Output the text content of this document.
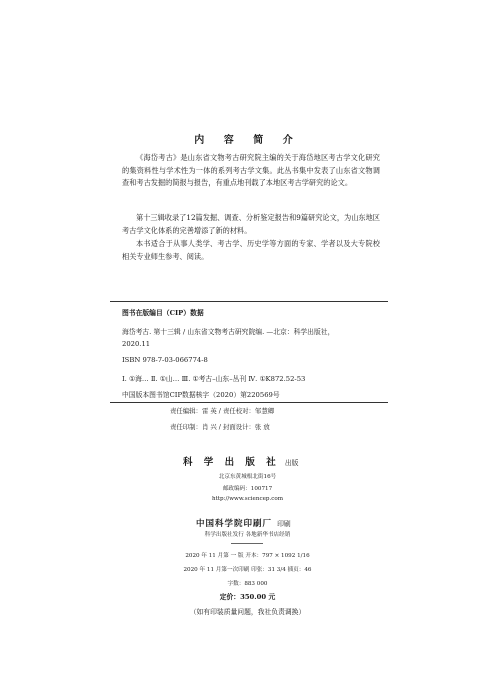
内 容 简 介
《海岱考古》是山东省文物考古研究院主编的关于海岱地区考古学文化研究的集资料性与学术性为一体的系列考古学文集。此丛书集中发表了山东省文物调查和考古发掘的简报与报告，有重点地刊载了本地区考古学研究的论文。
第十三辑收录了12篇发掘、调查、分析鉴定报告和9篇研究论文，为山东地区考古学文化体系的完善增添了新的材料。
本书适合于从事人类学、考古学、历史学等方面的专家、学者以及大专院校相关专业师生参考、阅读。
图书在版编目（CIP）数据
海岱考古. 第十三辑 / 山东省文物考古研究院编. —北京：科学出版社，
2020.11
ISBN 978-7-03-066774-8
Ⅰ. ①海… Ⅱ. ①山… Ⅲ. ①考古–山东–丛刊 Ⅳ. ①K872.52-53
中国版本图书馆CIP数据核字（2020）第220569号
责任编辑：雷 英 / 责任校对：邹慧卿
责任印制：肖 兴 / 封面设计：张 放
科 学 出 版 社 出版
北京东黄城根北街16号
邮政编码：100717
http://www.sciencep.com
中国科学院印刷厂 印刷
科学出版社发行 各地新华书店经销
2020 年 11 月第 一 版 开本：797 × 1092 1/16
2020 年 11 月第一次印刷 印张：31 3/4 插页：46
字数：883 000
定价：350.00 元
（如有印装质量问题，我社负责调换）
